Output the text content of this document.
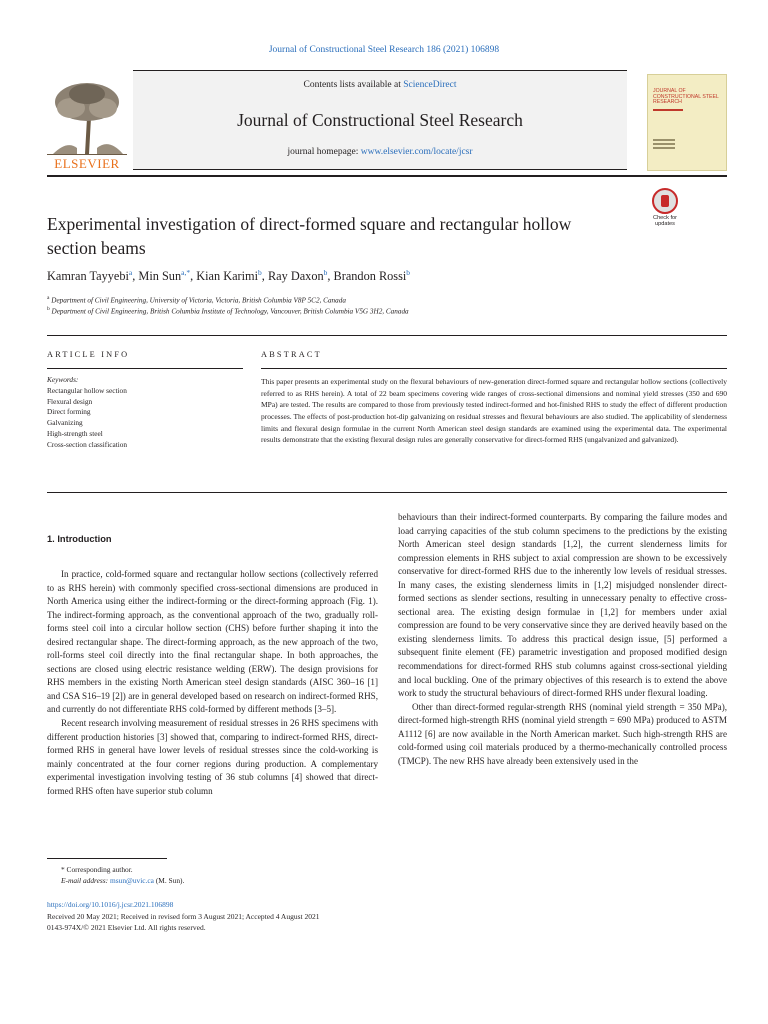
Journal of Constructional Steel Research 186 (2021) 106898
ELSEVIER
Contents lists available at ScienceDirect
Journal of Constructional Steel Research
journal homepage: www.elsevier.com/locate/jcsr
JOURNAL OF CONSTRUCTIONAL STEEL RESEARCH
Experimental investigation of direct-formed square and rectangular hollow section beams
Check for updates
Kamran Tayyebi$^a$, Min Sun$^{a,*}$, Kian Karimi$^b$, Ray Daxon$^b$, Brandon Rossi$^b$
$^a$ Department of Civil Engineering, University of Victoria, Victoria, British Columbia V8P 5C2, Canada
$^b$ Department of Civil Engineering, British Columbia Institute of Technology, Vancouver, British Columbia V5G 3H2, Canada
ARTICLE INFO	ABSTRACT
Keywords:
Rectangular hollow section
Flexural design
Direct forming
Galvanizing
High-strength steel
Cross-section classification
This paper presents an experimental study on the flexural behaviours of new-generation direct-formed square and rectangular hollow sections (collectively referred to as RHS herein). A total of 22 beam specimens covering wide ranges of cross-sectional dimensions and nominal yield stresses (350 and 690 MPa) are tested. The results are compared to those from previously tested indirect-formed and hot-finished RHS to study the effect of different production processes. The effects of post-production hot-dip galvanizing on residual stresses and flexural behaviours are also studied. The applicability of slenderness limits and flexural design formulae in the current North American steel design standards are examined using the experimental data. The experimental results demonstrate that the existing flexural design rules are generally conservative for direct-formed RHS (ungalvanized and galvanized).
1. Introduction

In practice, cold-formed square and rectangular hollow sections (collectively referred to as RHS herein) with commonly specified cross-sectional dimensions are produced in North America using either the indirect-forming or the direct-forming approach (Fig. 1). The indirect-forming approach, as the conventional approach of the two, gradually roll-forms steel coil into a circular hollow section (CHS) before further shaping it into the desired rectangular shape. The direct-forming approach, as the new approach of the two, roll-forms steel coil directly into the final rectangular shape. In both approaches, the sections are closed using electric resistance welding (ERW). The design provisions for RHS members in the existing North American steel design standards (AISC 360–16 [1] and CSA S16–19 [2]) are in general developed based on research on indirect-formed RHS, and currently do not differentiate RHS cold-formed by different methods [3–5].

Recent research involving measurement of residual stresses in 26 RHS specimens with different production histories [3] showed that, comparing to indirect-formed RHS, direct-formed RHS in general have lower levels of residual stresses since the cold-working is mainly concentrated at the four corner regions during production. A complementary experimental investigation involving testing of 36 stub columns [4] showed that direct-formed RHS often have superior stub column

behaviours than their indirect-formed counterparts. By comparing the failure modes and load carrying capacities of the stub column specimens to the predictions by the existing North American steel design standards [1,2], the current slenderness limits for compression elements in RHS subject to axial compression are shown to be excessively conservative for direct-formed RHS due to the inherently low levels of residual stresses. In many cases, the existing slenderness limits in [1,2] misjudged nonslender direct-formed sections as slender sections, resulting in unnecessary penalty to effective cross-sectional area. The existing design formulae in [1,2] for members under axial compression are found to be very conservative since they are derived heavily based on the existing slenderness limits. To address this practical design issue, [5] performed a subsequent finite element (FE) parametric investigation and proposed modified design recommendations for direct-formed RHS stub columns against cross-sectional yielding and local buckling. One of the primary objectives of this research is to extend the above work to study the structural behaviours of direct-formed RHS under flexural loading.

Other than direct-formed regular-strength RHS (nominal yield strength = 350 MPa), direct-formed high-strength RHS (nominal yield strength = 690 MPa) produced to ASTM A1112 [6] are now available in the North American market. Such high-strength RHS are cold-formed using coil materials produced by a thermo-mechanically controlled process (TMCP). The new RHS have already been extensively used in the

* Corresponding author.
E-mail address: msun@uvic.ca (M. Sun).
https://doi.org/10.1016/j.jcsr.2021.106898
Received 20 May 2021; Received in revised form 3 August 2021; Accepted 4 August 2021
0143-974X/© 2021 Elsevier Ltd. All rights reserved.
